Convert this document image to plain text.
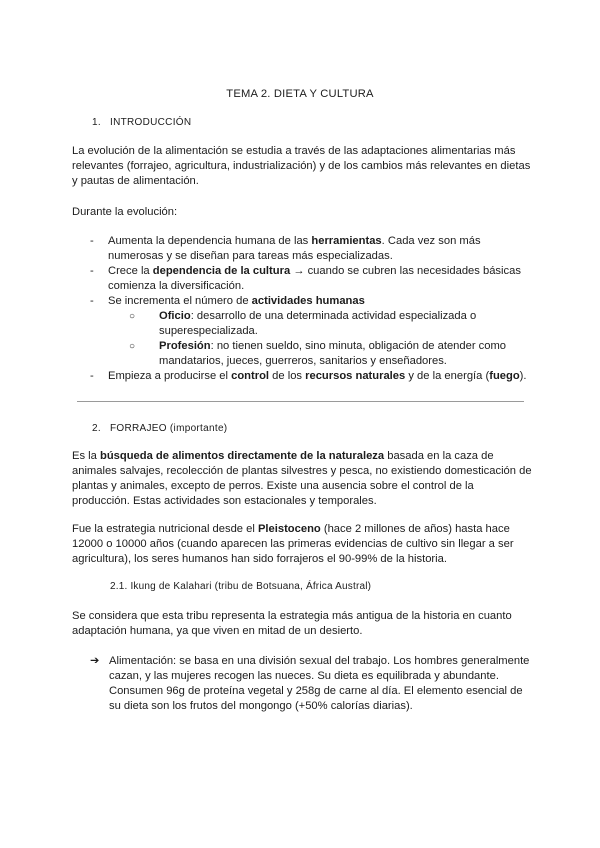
TEMA 2. DIETA Y CULTURA
1. INTRODUCCIÓN

La evolución de la alimentación se estudia a través de las adaptaciones alimentarias más relevantes (forrajeo, agricultura, industrialización) y de los cambios más relevantes en dietas y pautas de alimentación.

Durante la evolución:

- Aumenta la dependencia humana de las herramientas. Cada vez son más numerosas y se diseñan para tareas más especializadas.
- Crece la dependencia de la cultura → cuando se cubren las necesidades básicas comienza la diversificación.
- Se incrementa el número de actividades humanas
○ Oficio: desarrollo de una determinada actividad especializada o superespecializada.
○ Profesión: no tienen sueldo, sino minuta, obligación de atender como mandatarios, jueces, guerreros, sanitarios y enseñadores.
- Empieza a producirse el control de los recursos naturales y de la energía (fuego).
2. FORRAJEO (importante)

Es la búsqueda de alimentos directamente de la naturaleza basada en la caza de animales salvajes, recolección de plantas silvestres y pesca, no existiendo domesticación de plantas y animales, excepto de perros. Existe una ausencia sobre el control de la producción. Estas actividades son estacionales y temporales.

Fue la estrategia nutricional desde el Pleistoceno (hace 2 millones de años) hasta hace 12000 o 10000 años (cuando aparecen las primeras evidencias de cultivo sin llegar a ser agricultura), los seres humanos han sido forrajeros el 90-99% de la historia.

2.1. Ikung de Kalahari (tribu de Botsuana, África Austral)

Se considera que esta tribu representa la estrategia más antigua de la historia en cuanto adaptación humana, ya que viven en mitad de un desierto.

➔ Alimentación: se basa en una división sexual del trabajo. Los hombres generalmente cazan, y las mujeres recogen las nueces. Su dieta es equilibrada y abundante. Consumen 96g de proteína vegetal y 258g de carne al día. El elemento esencial de su dieta son los frutos del mongongo (+50% calorías diarias).
